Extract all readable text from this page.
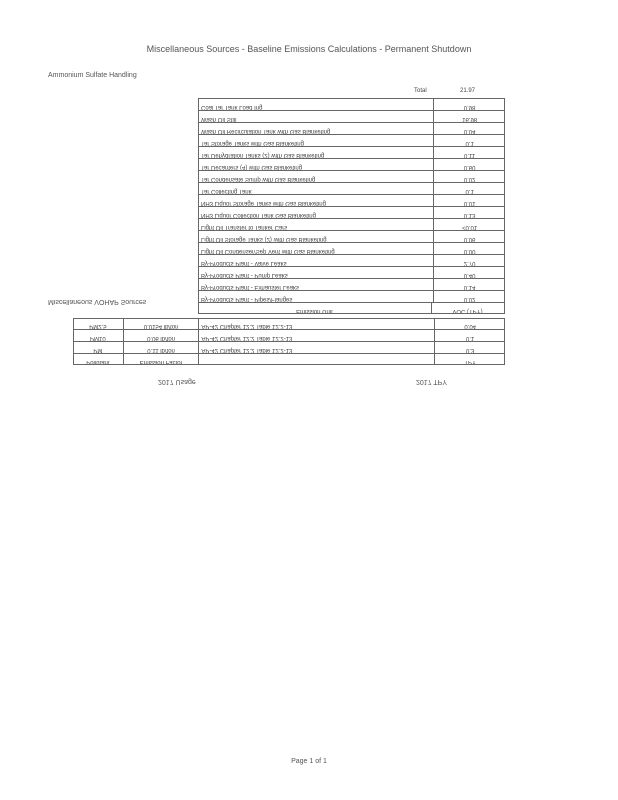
Miscellaneous Sources - Baseline Emissions Calculations - Permanent Shutdown
Ammonium Sulfate Handling
Total	21.97
Coal Tar Tank Load Ing	0.98
Wash Oil Still	16.98
Wash Oil Recirculation Tank with Gas Blanketing	0.04
Tar Storage Tanks with Gas Blanketing	0.1
Tar Dehydration Tanks (2) with Gas Blanketing	0.11
Tar Decanters (4) with Gas Blanketing	0.60
Tar Condensate Sump with Gas Blanketing	0.02
Tar Collecting Tank	0.1
NH3 Liquor Storage Tanks with Gas Blanketing	0.01
NH3 Liquor Collection Tank Gas Blanketing	0.13
Light Oil Transfer to Tanker Cars	<0.01
Light Oil Storage Tanks (2) with Gas Blanketing	0.06
Light Oil Condenser/Sep Vent with Gas Blanketing	0.00
By-Products Plant - Valve Leaks	2.70
By-Products Plant - Pump Leaks	0.40
By-Products Plant - Exhauster Leaks	0.14
By-Products Plant - Pipes/Flanges	0.02
Emission Unit	VOC (TPY)
Miscellaneous VOHAP Sources
PM2.5	0.0154 lb/ton	AP-42 Chapter 12.2 Table 12.2-13	0.04
PM10	0.06 lb/ton	AP-42 Chapter 12.2 Table 12.2-13	0.1
PM	0.11 lb/ton	AP-42 Chapter 12.2 Table 12.2-13	0.3
Pollutant	Emission Factor	TPY
2017 Usage	2017 TPY
Page 1 of 1
